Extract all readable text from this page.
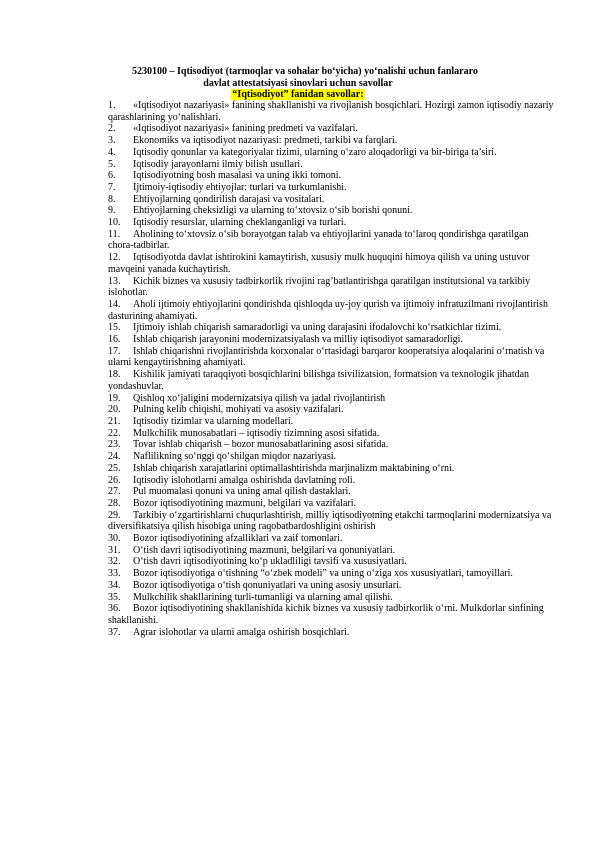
5230100 – Iqtisodiyot (tarmoqlar va sohalar bo‘yicha) yo‘nalishi uchun fanlararo
davlat attestatsiyasi sinovlari uchun savollar
“Iqtisodiyot” fanidan savollar:

1. «Iqtisodiyot nazariyasi» fanining shakllanishi va rivojlanish bosqichlari. Hozirgi zamon iqtisodiy nazariy qarashlarining yo‘nalishlari.

2. «Iqtisodiyot nazariyasi» fanining predmeti va vazifalari.

3. Ekonomiks va iqtisodiyot nazariyasi: predmeti, tarkibi va farqlari.

4. Iqtisodiy qonunlar va kategoriyalar tizimi, ularning o‘zaro aloqadorligi va bir-biriga ta’siri.

5. Iqtisodiy jarayonlarni ilmiy bilish usullari.

6. Iqtisodiyotning bosh masalasi va uning ikki tomoni.

7. Ijtimoiy-iqtisodiy ehtiyojlar: turlari va turkumlanishi.

8. Ehtiyojlarning qondirilish darajasi va vositalari.

9. Ehtiyojlarning cheksizligi va ularning to‘xtovsiz o‘sib borishi qonuni.

10. Iqtisodiy resurslar, ularning cheklanganligi va turlari.

11. Aholining to‘xtovsiz o‘sib borayotgan talab va ehtiyojlarini yanada to‘laroq qondirishga qaratilgan chora-tadbirlar.

12. Iqtisodiyotda davlat ishtirokini kamaytirish, xususiy mulk huquqini himoya qilish va uning ustuvor mavqeini yanada kuchaytirish.

13. Kichik biznes va xususiy tadbirkorlik rivojini rag’batlantirishga qaratilgan institutsional va tarkibiy islohotlar.

14. Aholi ijtimoiy ehtiyojlarini qondirishda qishloqda uy-joy qurish va ijtimoiy infratuzilmani rivojlantirish dasturining ahamiyati.

15. Ijtimoiy ishlab chiqarish samaradorligi va uning darajasini ifodalovchi ko‘rsatkichlar tizimi.

16. Ishlab chiqarish jarayonini modernizatsiyalash va milliy iqtisodiyot samaradorligi.

17. Ishlab chiqarishni rivojlantirishda korxonalar o‘rtasidagi barqaror kooperatsiya aloqalarini o‘rnatish va ularni kengaytirishning ahamiyati.

18. Kishilik jamiyati taraqqiyoti bosqichlarini bilishga tsivilizatsion, formatsion va texnologik jihatdan yondashuvlar.

19. Qishloq xo‘jaligini modernizatsiya qilish va jadal rivojlantirish

20. Pulning kelib chiqishi, mohiyati va asosiy vazifalari.

21. Iqtisodiy tizimlar va ularning modellari.

22. Mulkchilik munosabatlari – iqtisodiy tizimning asosi sifatida.

23. Tovar ishlab chiqarish – bozor munosabatlarining asosi sifatida.

24. Naflilikning so‘nggi qo‘shilgan miqdor nazariyasi.

25. Ishlab chiqarish xarajatlarini optimallashtirishda marjinalizm maktabining o‘rni.

26. Iqtisodiy islohotlarni amalga oshirishda davlatning roli.

27. Pul muomalasi qonuni va uning amal qilish dastaklari.

28. Bozor iqtisodiyotining mazmuni, belgilari va vazifalari.

29. Tarkibiy o‘zgartirishlarni chuqurlashtirish, milliy iqtisodiyotning etakchi tarmoqlarini modernizatsiya va diversifikatsiya qilish hisobiga uning raqobatbardoshligini oshirish

30. Bozor iqtisodiyotining afzalliklari va zaif tomonlari.

31. O‘tish davri iqtisodiyotining mazmuni, belgilari va qonuniyatlari.

32. O‘tish davri iqtisodiyotining ko‘p ukladliligi tavsifi va xususiyatlari.

33. Bozor iqtisodiyotiga o‘tishning “o‘zbek modeli” va uning o‘ziga xos xususiyatlari, tamoyillari.

34. Bozor iqtisodiyotiga o‘tish qonuniyatlari va uning asosiy unsurlari.

35. Mulkchilik shakllarining turli-tumanligi va ularning amal qilishi.

36. Bozor iqtisodiyotining shakllanishida kichik biznes va xususiy tadbirkorlik o‘rni. Mulkdorlar sinfining shakllanishi.

37. Agrar islohotlar va ularni amalga oshirish bosqichlari.
